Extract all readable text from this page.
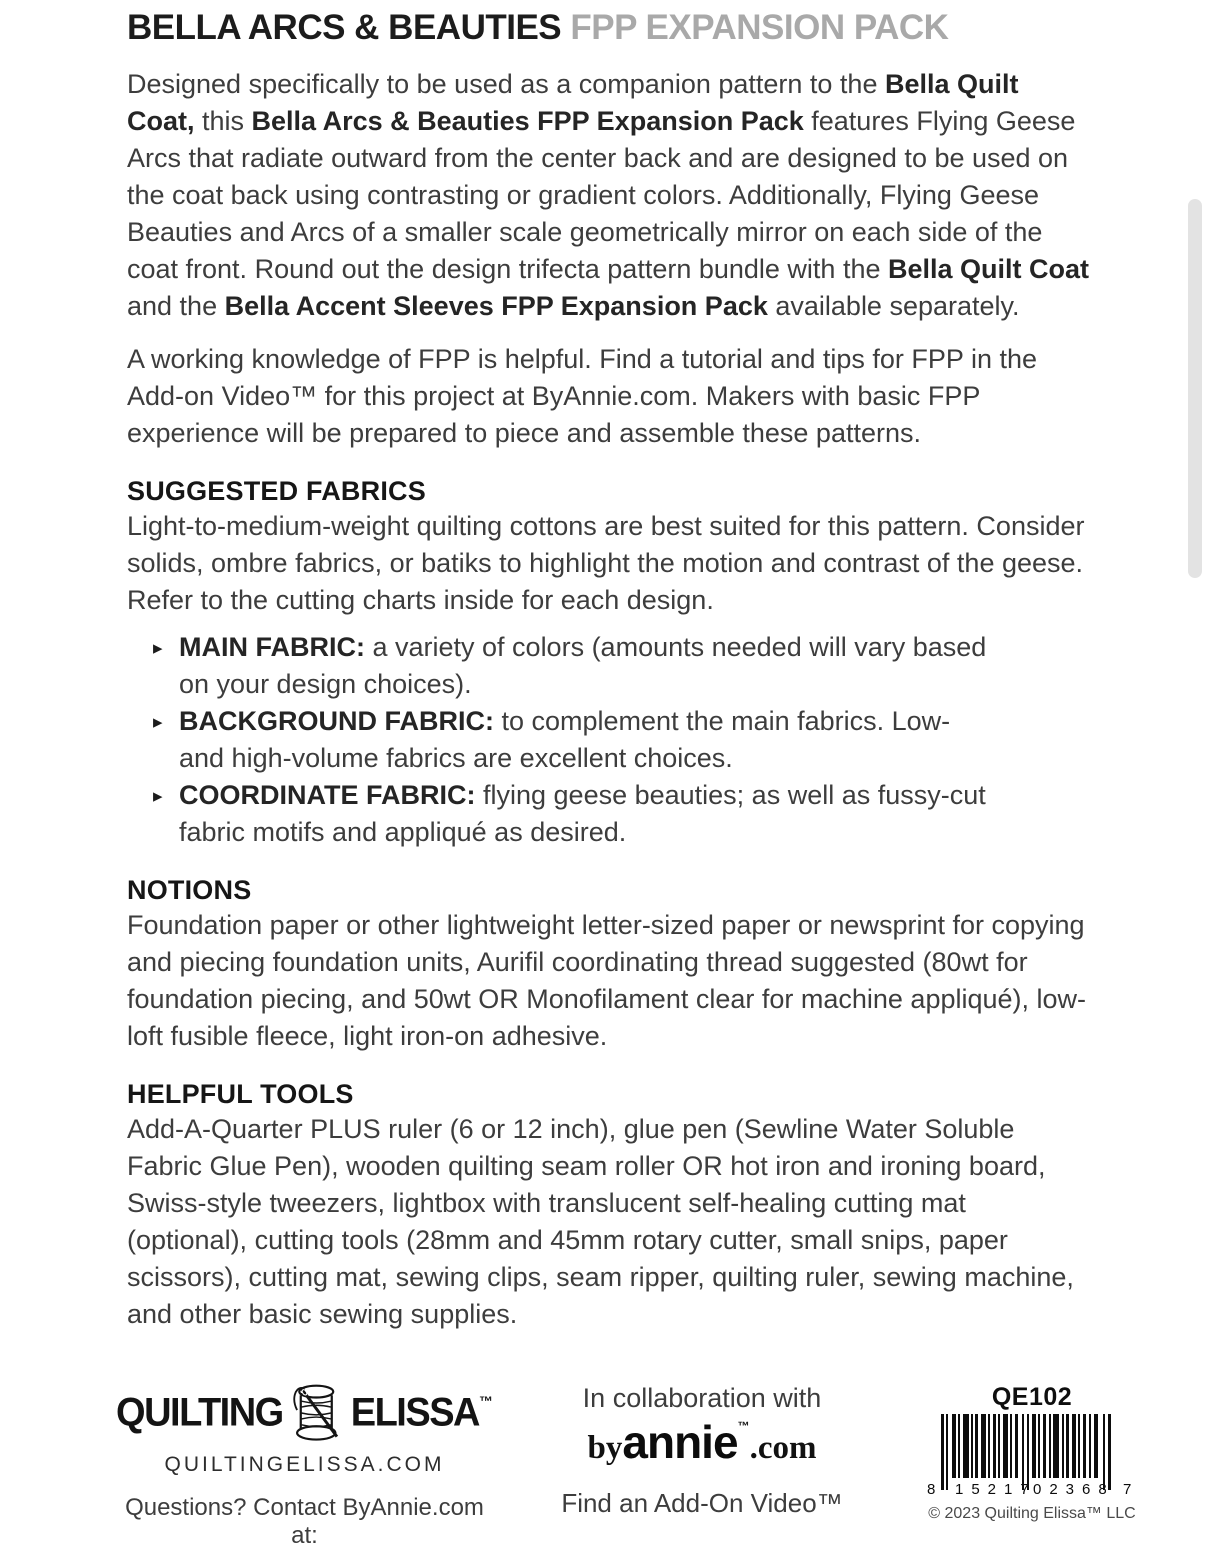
BELLA ARCS & BEAUTIES FPP EXPANSION PACK

Designed specifically to be used as a companion pattern to the Bella Quilt Coat, this Bella Arcs & Beauties FPP Expansion Pack features Flying Geese Arcs that radiate outward from the center back and are designed to be used on the coat back using contrasting or gradient colors. Additionally, Flying Geese Beauties and Arcs of a smaller scale geometrically mirror on each side of the coat front. Round out the design trifecta pattern bundle with the Bella Quilt Coat and the Bella Accent Sleeves FPP Expansion Pack available separately.

A working knowledge of FPP is helpful. Find a tutorial and tips for FPP in the Add-on Video™ for this project at ByAnnie.com. Makers with basic FPP experience will be prepared to piece and assemble these patterns.

SUGGESTED FABRICS

Light-to-medium-weight quilting cottons are best suited for this pattern. Consider solids, ombre fabrics, or batiks to highlight the motion and contrast of the geese. Refer to the cutting charts inside for each design.

▸ MAIN FABRIC: a variety of colors (amounts needed will vary based on your design choices).
▸ BACKGROUND FABRIC: to complement the main fabrics. Low-and high-volume fabrics are excellent choices.
▸ COORDINATE FABRIC: flying geese beauties; as well as fussy-cut fabric motifs and appliqué as desired.
NOTIONS

Foundation paper or other lightweight letter-sized paper or newsprint for copying and piecing foundation units, Aurifil coordinating thread suggested (80wt for foundation piecing, and 50wt OR Monofilament clear for machine appliqué), low-loft fusible fleece, light iron-on adhesive.

HELPFUL TOOLS

Add-A-Quarter PLUS ruler (6 or 12 inch), glue pen (Sewline Water Soluble Fabric Glue Pen), wooden quilting seam roller OR hot iron and ironing board, Swiss-style tweezers, lightbox with translucent self-healing cutting mat (optional), cutting tools (28mm and 45mm rotary cutter, small snips, paper scissors), cutting mat, sewing clips, seam ripper, quilting ruler, sewing machine, and other basic sewing supplies.

QUILTING ELISSA ™
QUILTINGELISSA.COM
Questions? Contact ByAnnie.com at:
In collaboration with
byannie™.com
Find an Add-On Video™
QE102
8 15217
02368 7
© 2023 Quilting Elissa™ LLC
